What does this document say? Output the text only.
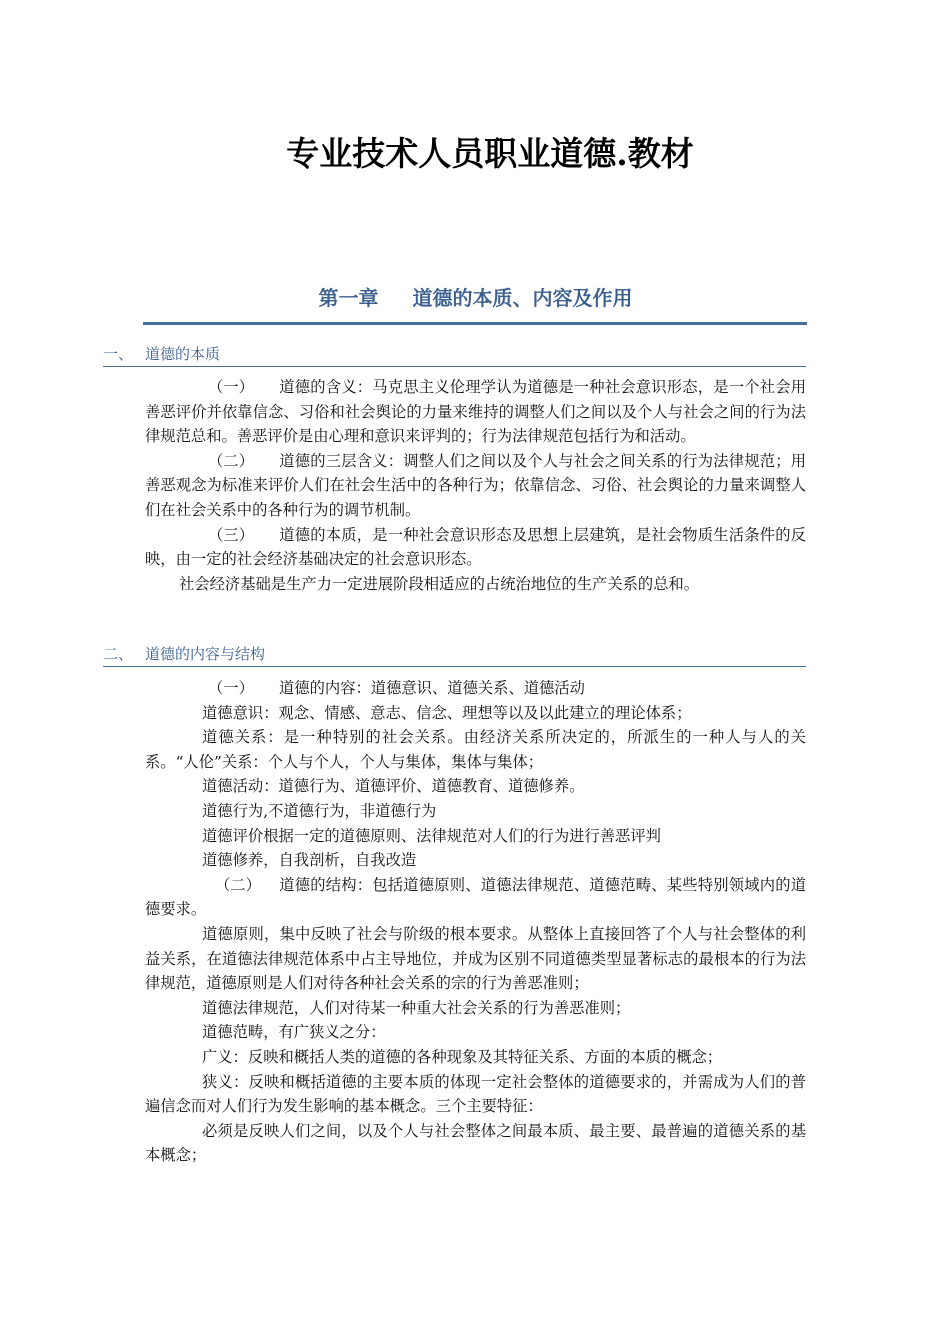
专业技术人员职业道德.教材
第一章 道德的本质、内容及作用
一、 道德的本质

（一） 道德的含义：马克思主义伦理学认为道德是一种社会意识形态，是一个社会用善恶评价并依靠信念、习俗和社会舆论的力量来维持的调整人们之间以及个人与社会之间的行为法律规范总和。善恶评价是由心理和意识来评判的；行为法律规范包括行为和活动。

（二） 道德的三层含义：调整人们之间以及个人与社会之间关系的行为法律规范；用善恶观念为标准来评价人们在社会生活中的各种行为；依靠信念、习俗、社会舆论的力量来调整人们在社会关系中的各种行为的调节机制。

（三） 道德的本质，是一种社会意识形态及思想上层建筑，是社会物质生活条件的反映，由一定的社会经济基础决定的社会意识形态。

社会经济基础是生产力一定进展阶段相适应的占统治地位的生产关系的总和。

二、 道德的内容与结构

（一） 道德的内容：道德意识、道德关系、道德活动

道德意识：观念、情感、意志、信念、理想等以及以此建立的理论体系；

道德关系：是一种特别的社会关系。由经济关系所决定的，所派生的一种人与人的关系。“人伦”关系：个人与个人，个人与集体，集体与集体；

道德活动：道德行为、道德评价、道德教育、道德修养。

道德行为,不道德行为，非道德行为

道德评价根据一定的道德原则、法律规范对人们的行为进行善恶评判

道德修养，自我剖析，自我改造

（二） 道德的结构：包括道德原则、道德法律规范、道德范畴、某些特别领域内的道德要求。

道德原则，集中反映了社会与阶级的根本要求。从整体上直接回答了个人与社会整体的利益关系，在道德法律规范体系中占主导地位，并成为区别不同道德类型显著标志的最根本的行为法律规范，道德原则是人们对待各种社会关系的宗的行为善恶准则；

道德法律规范，人们对待某一种重大社会关系的行为善恶准则；

道德范畴，有广狭义之分：

广义：反映和概括人类的道德的各种现象及其特征关系、方面的本质的概念；

狭义：反映和概括道德的主要本质的体现一定社会整体的道德要求的，并需成为人们的普遍信念而对人们行为发生影响的基本概念。三个主要特征：

必须是反映人们之间，以及个人与社会整体之间最本质、最主要、最普遍的道德关系的基本概念；
